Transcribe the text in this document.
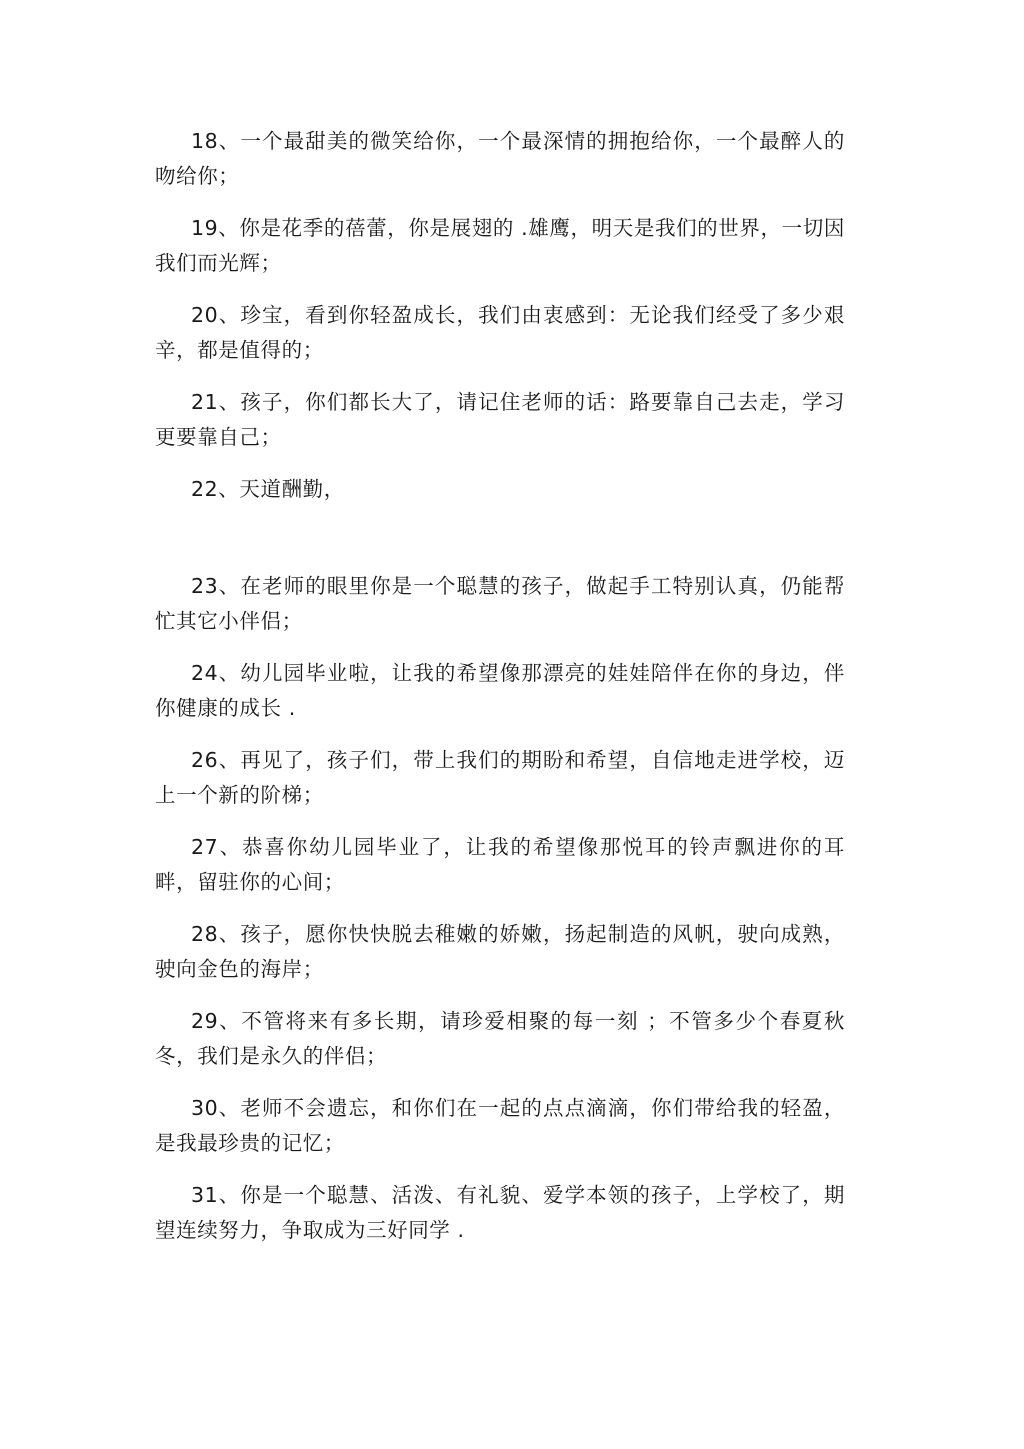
18、一个最甜美的微笑给你，一个最深情的拥抱给你，一个最醉人的吻给你；

19、你是花季的蓓蕾，你是展翅的 .雄鹰，明天是我们的世界，一切因我们而光辉；

20、珍宝，看到你轻盈成长，我们由衷感到：无论我们经受了多少艰辛，都是值得的；

21、孩子，你们都长大了，请记住老师的话：路要靠自己去走，学习更要靠自己；

22、天道酬勤，

23、在老师的眼里你是一个聪慧的孩子，做起手工特别认真，仍能帮忙其它小伴侣；

24、幼儿园毕业啦，让我的希望像那漂亮的娃娃陪伴在你的身边，伴你健康的成长 .

26、再见了，孩子们，带上我们的期盼和希望，自信地走进学校，迈上一个新的阶梯；

27、恭喜你幼儿园毕业了，让我的希望像那悦耳的铃声飘进你的耳畔，留驻你的心间；

28、孩子，愿你快快脱去稚嫩的娇嫩，扬起制造的风帆，驶向成熟，驶向金色的海岸；

29、不管将来有多长期，请珍爱相聚的每一刻 ；不管多少个春夏秋冬，我们是永久的伴侣；

30、老师不会遗忘，和你们在一起的点点滴滴，你们带给我的轻盈，是我最珍贵的记忆；

31、你是一个聪慧、活泼、有礼貌、爱学本领的孩子，上学校了，期望连续努力，争取成为三好同学 .
